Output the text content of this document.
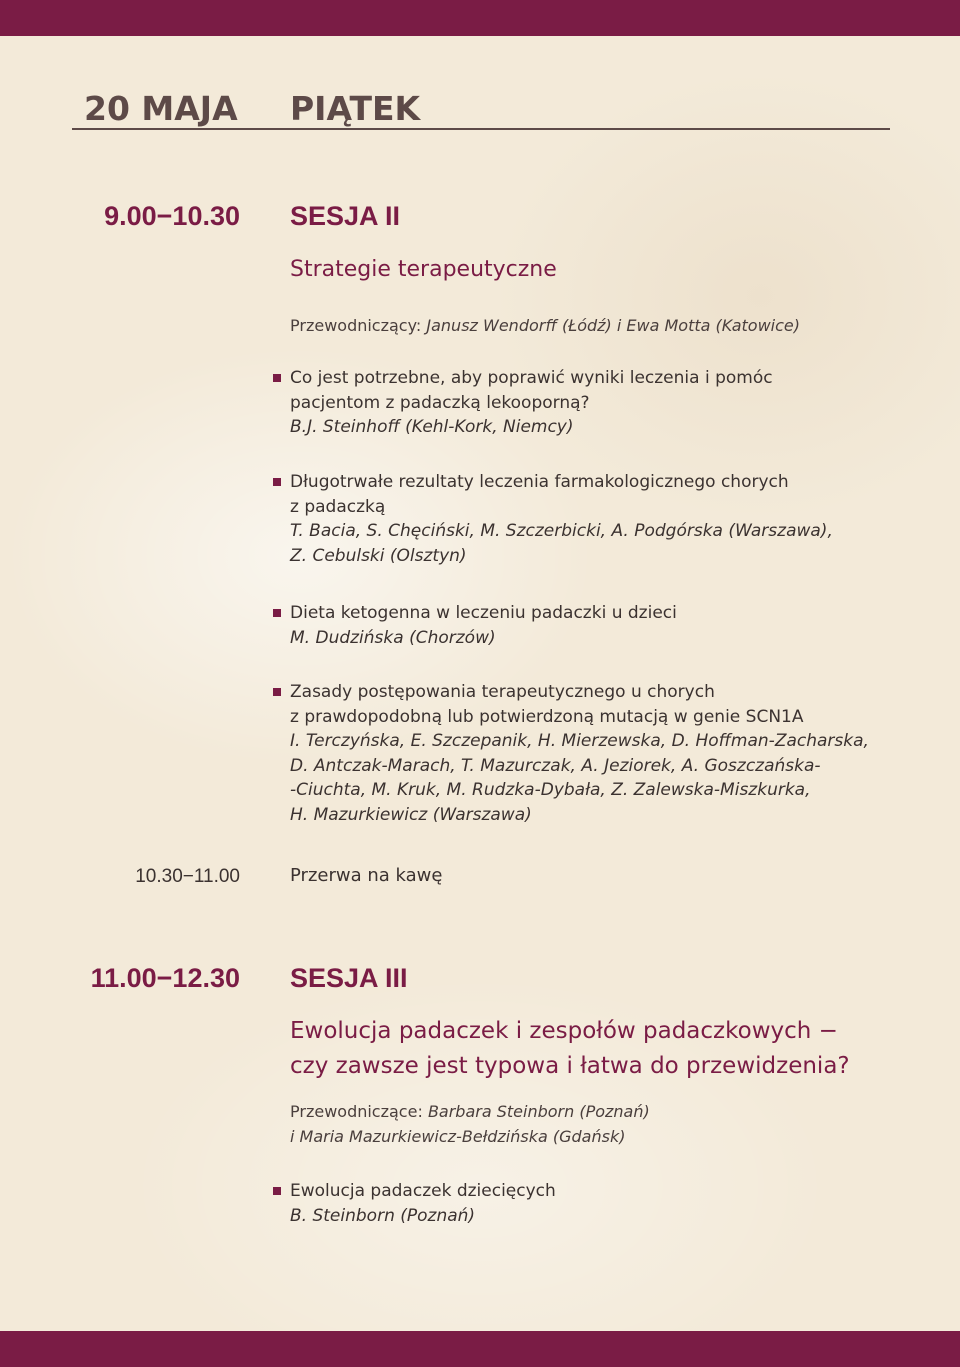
20 MAJA PIĄTEK
9.00−10.30 SESJA II
Strategie terapeutyczne
Przewodniczący: Janusz Wendorff (Łódź) i Ewa Motta (Katowice)
Co jest potrzebne, aby poprawić wyniki leczenia i pomóc
pacjentom z padaczką lekooporną?
B.J. Steinhoff (Kehl-Kork, Niemcy)
Długotrwałe rezultaty leczenia farmakologicznego chorych
z padaczką
T. Bacia, S. Chęciński, M. Szczerbicki, A. Podgórska (Warszawa),
Z. Cebulski (Olsztyn)
Dieta ketogenna w leczeniu padaczki u dzieci
M. Dudzińska (Chorzów)
Zasady postępowania terapeutycznego u chorych
z prawdopodobną lub potwierdzoną mutacją w genie SCN1A
I. Terczyńska, E. Szczepanik, H. Mierzewska, D. Hoffman-Zacharska,
D. Antczak-Marach, T. Mazurczak, A. Jeziorek, A. Goszczańska-
-Ciuchta, M. Kruk, M. Rudzka-Dybała, Z. Zalewska-Miszkurka,
H. Mazurkiewicz (Warszawa)
10.30−11.00	Przerwa na kawę
11.00−12.30 SESJA III
Ewolucja padaczek i zespołów padaczkowych −
czy zawsze jest typowa i łatwa do przewidzenia?
Przewodniczące: Barbara Steinborn (Poznań)
i Maria Mazurkiewicz-Bełdzińska (Gdańsk)
Ewolucja padaczek dziecięcych
B. Steinborn (Poznań)
